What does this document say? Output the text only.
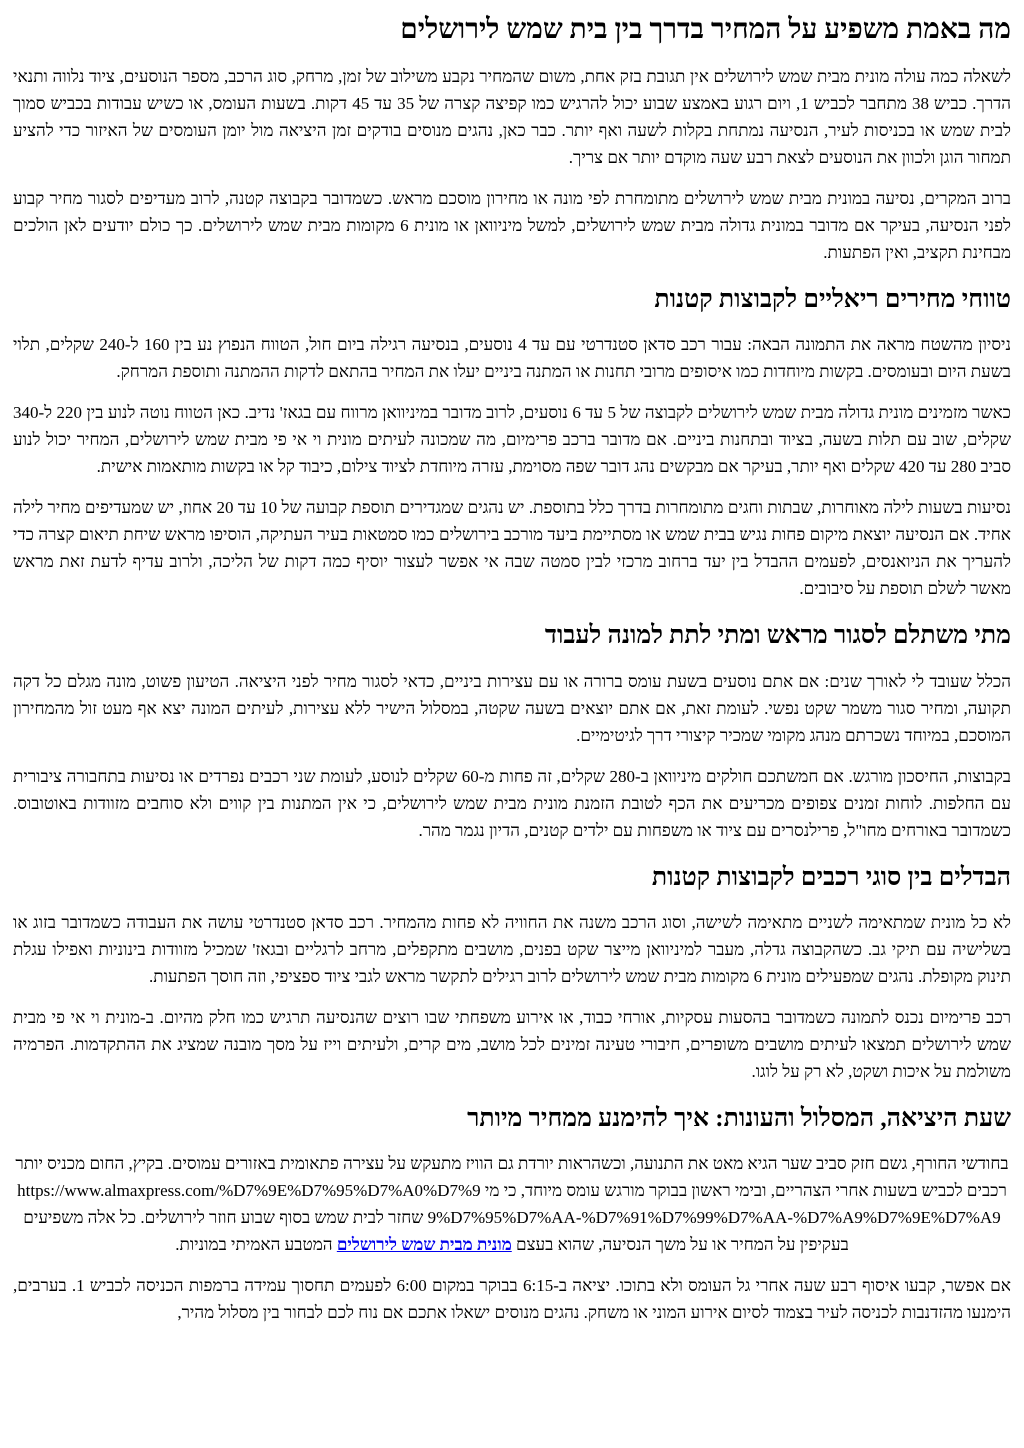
מה באמת משפיע על המחיר בדרך בין בית שמש לירושלים

לשאלה כמה עולה מונית מבית שמש לירושלים אין תגובת בזק אחת, משום שהמחיר נקבע משילוב של זמן, מרחק, סוג הרכב, מספר הנוסעים, ציוד נלווה ותנאי הדרך. כביש 38 מתחבר לכביש 1, ויום רגוע באמצע שבוע יכול להרגיש כמו קפיצה קצרה של 35 עד 45 דקות. בשעות העומס, או כשיש עבודות בכביש סמוך לבית שמש או בכניסות לעיר, הנסיעה נמתחת בקלות לשעה ואף יותר. כבר כאן, נהגים מנוסים בודקים זמן היציאה מול יומן העומסים של האיזור כדי להציע תמחור הוגן ולכוון את הנוסעים לצאת רבע שעה מוקדם יותר אם צריך.

ברוב המקרים, נסיעה במונית מבית שמש לירושלים מתומחרת לפי מונה או מחירון מוסכם מראש. כשמדובר בקבוצה קטנה, לרוב מעדיפים לסגור מחיר קבוע לפני הנסיעה, בעיקר אם מדובר במונית גדולה מבית שמש לירושלים, למשל מיניוואן או מונית 6 מקומות מבית שמש לירושלים. כך כולם יודעים לאן הולכים מבחינת תקציב, ואין הפתעות.

טווחי מחירים ריאליים לקבוצות קטנות

ניסיון מהשטח מראה את התמונה הבאה: עבור רכב סדאן סטנדרטי עם עד 4 נוסעים, בנסיעה רגילה ביום חול, הטווח הנפוץ נע בין 160 ל-240 שקלים, תלוי בשעת היום ובעומסים. בקשות מיוחדות כמו איסופים מרובי תחנות או המתנה ביניים יעלו את המחיר בהתאם לדקות ההמתנה ותוספת המרחק.

כאשר מזמינים מונית גדולה מבית שמש לירושלים לקבוצה של 5 עד 6 נוסעים, לרוב מדובר במיניוואן מרווח עם בגאז' נדיב. כאן הטווח נוטה לנוע בין 220 ל-340 שקלים, שוב עם תלות בשעה, בציוד ובתחנות ביניים. אם מדובר ברכב פרימיום, מה שמכונה לעיתים מונית וי אי פי מבית שמש לירושלים, המחיר יכול לנוע סביב 280 עד 420 שקלים ואף יותר, בעיקר אם מבקשים נהג דובר שפה מסוימת, עזרה מיוחדת לציוד צילום, כיבוד קל או בקשות מותאמות אישית.

נסיעות בשעות לילה מאוחרות, שבתות וחגים מתומחרות בדרך כלל בתוספת. יש נהגים שמגדירים תוספת קבועה של 10 עד 20 אחוז, יש שמעדיפים מחיר לילה אחיד. אם הנסיעה יוצאת מיקום פחות נגיש בבית שמש או מסתיימת ביעד מורכב בירושלים כמו סמטאות בעיר העתיקה, הוסיפו מראש שיחת תיאום קצרה כדי להעריך את הניואנסים, לפעמים ההבדל בין יעד ברחוב מרכזי לבין סמטה שבה אי אפשר לעצור יוסיף כמה דקות של הליכה, ולרוב עדיף לדעת זאת מראש מאשר לשלם תוספת על סיבובים.

מתי משתלם לסגור מראש ומתי לתת למונה לעבוד

הכלל שעובד לי לאורך שנים: אם אתם נוסעים בשעת עומס ברורה או עם עצירות ביניים, כדאי לסגור מחיר לפני היציאה. הטיעון פשוט, מונה מגלם כל דקה תקועה, ומחיר סגור משמר שקט נפשי. לעומת זאת, אם אתם יוצאים בשעה שקטה, במסלול הישיר ללא עצירות, לעיתים המונה יצא אף מעט זול מהמחירון המוסכם, במיוחד נשכרתם מנהג מקומי שמכיר קיצורי דרך לגיטימיים.

בקבוצות, החיסכון מורגש. אם חמשתכם חולקים מיניוואן ב-280 שקלים, זה פחות מ-60 שקלים לנוסע, לעומת שני רכבים נפרדים או נסיעות בתחבורה ציבורית עם החלפות. לוחות זמנים צפופים מכריעים את הכף לטובת הזמנת מונית מבית שמש לירושלים, כי אין המתנות בין קווים ולא סוחבים מזוודות באוטובוס. כשמדובר באורחים מחו"ל, פרילנסרים עם ציוד או משפחות עם ילדים קטנים, הדיון נגמר מהר.

הבדלים בין סוגי רכבים לקבוצות קטנות

לא כל מונית שמתאימה לשניים מתאימה לשישה, וסוג הרכב משנה את החוויה לא פחות מהמחיר. רכב סדאן סטנדרטי עושה את העבודה כשמדובר בזוג או בשלישיה עם תיקי גב. כשהקבוצה גדלה, מעבר למיניוואן מייצר שקט בפנים, מושבים מתקפלים, מרחב לרגליים ובגאז' שמכיל מזוודות בינוניות ואפילו עגלת תינוק מקופלת. נהגים שמפעילים מונית 6 מקומות מבית שמש לירושלים לרוב רגילים לתקשר מראש לגבי ציוד ספציפי, וזה חוסך הפתעות.

רכב פרימיום נכנס לתמונה כשמדובר בהסעות עסקיות, אורחי כבוד, או אירוע משפחתי שבו רוצים שהנסיעה תרגיש כמו חלק מהיום. ב-מונית וי אי פי מבית שמש לירושלים תמצאו לעיתים מושבים משופרים, חיבורי טעינה זמינים לכל מושב, מים קרים, ולעיתים וייז על מסך מובנה שמציג את ההתקדמות. הפרמיה משולמת על איכות ושקט, לא רק על לוגו.

שעת היציאה, המסלול והעונות: איך להימנע ממחיר מיותר

בחודשי החורף, גשם חזק סביב שער הגיא מאט את התנועה, וכשהראות יורדת גם הוויז מתעקש על עצירה פתאומית באזורים עמוסים. בקיץ, החום מכניס יותר רכבים לכביש בשעות אחרי הצהריים, ובימי ראשון בבוקר מורגש עומס מיוחד, כי מי https://www.almaxpress.com/%D7%9E%D7%95%D7%A0%D7%99%D7%95%D7%AA-%D7%91%D7%99%D7%AA-%D7%A9%D7%9E%D7%A9 שחזר לבית שמש בסוף שבוע חוזר לירושלים. כל אלה משפיעים בעקיפין על המחיר או על משך הנסיעה, שהוא בעצם מונית מבית שמש לירושלים המטבע האמיתי במוניות.

אם אפשר, קבעו איסוף רבע שעה אחרי גל העומס ולא בתוכו. יציאה ב-6:15 בבוקר במקום 6:00 לפעמים תחסוך עמידה ברמפות הכניסה לכביש 1. בערבים, הימנעו מהזדנבות לכניסה לעיר בצמוד לסיום אירוע המוני או משחק. נהגים מנוסים ישאלו אתכם אם נוח לכם לבחור בין מסלול מהיר,
